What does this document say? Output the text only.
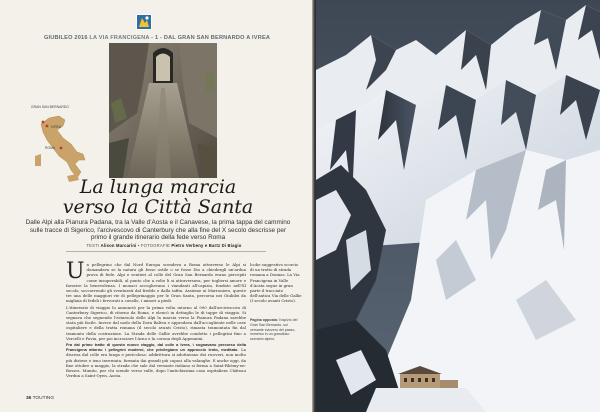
GIUBILEO 2016 LA VIA FRANCIGENA - 1 - DAL GRAN SAN BERNARDO A IVREA
GRAN SAN BERNARDO
IVREA
ROMA
La lunga marcia
verso la Città Santa
Dalle Alpi alla Pianura Padana, tra la Valle d'Aosta e il Canavese, la prima tappa del cammino sulle tracce di Sigerico, l'arcivescovo di Canterbury che alla fine del X secolo descrisse per primo il grande itinerario della fede verso Roma
TESTI Alison Marcarini • FOTOGRAFIE Pietro Verbeny e Bartz Di Biagio
U n pellegrino che dal Nord Europa scendeva a Roma attraverso le Alpi si domandava se la natura gli fosse ostile o se fosse Dio a chiedergli un'ardua prova di fede. Alpi e sentieri al colle del Gran San Bernardo erano percepiti come insuperabili, al punto che a volte li si attraversava, per togliersi amore e favorire la benevolenza. I monaci accoglievano i viandanti all'ospizio, fondato nell'XI secolo, soccorrendo gli sventurati dal freddo e dalla tafita. Assieme ai Marroniers, queste tre una delle maggiori vie di pellegrinaggio per le Gran Santa, percorsa nei Giubilei da migliaia di fedeli i fervorati a cavallo, i minori a piedi.
L'itinerario di viaggio lo annunciò per la prima volta intorno al 990 dall'arcivescovo di Canterbury Sigerico, di ritorno da Roma, e elencò in dettaglio le di tappe di viaggio. Si segnava che seguendo l'estarsolo delle Alpi la marcia verso la Pianura Padana sarebbe stata più facile. Invece dal nodo della Dora Baltea e approdava dall'accogliente nelle case ospitaliere e della tratta romana (il secolo avanti Cristo), rimasta tramontata fin dal tramonto della costruzione. La Strada delle Gallie avrebbe condotto i pellegrini fino a Vercelli e Pavia, per poi incrociare l'Arno e la corona degli Appennini.
Fra dal primo tratto di questo nuovo viaggio, dal colle a Ivrea, i sognavano percorso della Francigena attorno i pellegrini moderni, che privilegiano un approccio lento, meditato. La discesa dal colle era lunga e pericolosa: addirittura si adottavano dei ricoveri, non molto più distese e ieno invernata, formata dai grandi più capaci alla valanghe. E anche oggi, da fine ottobre a maggio, la strada che sale dal versante italiano si ferma a Saint-Rhémy-en-Bosses. Munito, per chi scende verso valle, dopo l'antichissima casa ospitaliera Château Verdun a Saint-Oyen, Aosta.
lcohe suggestivo scorcio di un tratto di strada romana a Donnas. La Via Francigena in Valle d'Aosta segue in gran parte il tracciato dell'antica Via delle Gallie (I secolo avanti Cristo).
Pagina opposta: l'ospizio del Gran San Bernardo, sul versante svizzero del passo, immerso in un grandioso scenario alpino.
36 TOUTING
